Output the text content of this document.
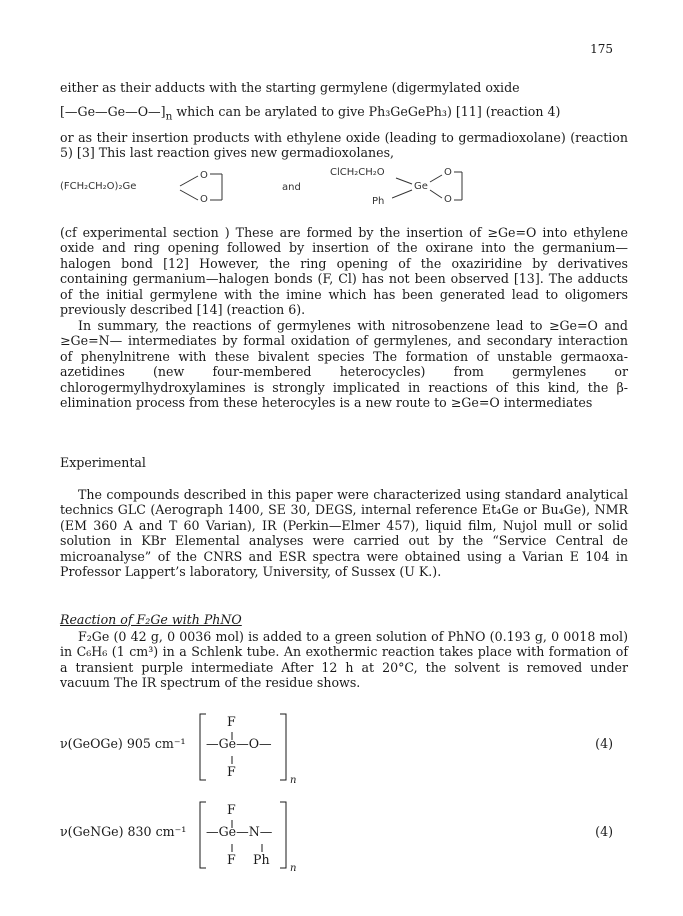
175

either as their adducts with the starting germylene (digermylated oxide

$[—Ge—Ge—O—]_n$ which can be arylated to give Ph₃GeGePh₃) [11] (reaction 4)

or as their insertion products with ethylene oxide (leading to germadioxolane) (reaction 5) [3] This last reaction gives new germadioxolanes,

(FCH₂CH₂O)₂Ge
O
O
and
ClCH₂CH₂O
Ge
Ph
O
O

(cf experimental section ) These are formed by the insertion of ≥Ge=O into ethylene oxide and ring opening followed by insertion of the oxirane into the germanium—halogen bond [12] However, the ring opening of the oxaziridine by derivatives containing germanium—halogen bonds (F, Cl) has not been observed [13]. The adducts of the initial germylene with the imine which has been generated lead to oligomers previously described [14] (reaction 6).

In summary, the reactions of germylenes with nitrosobenzene lead to ≥Ge=O and ≥Ge=N— intermediates by formal oxidation of germylenes, and secondary interaction of phenylnitrene with these bivalent species The formation of unstable germaoxa-azetidines (new four-membered heterocycles) from germylenes or chlorogermylhydroxylamines is strongly implicated in reactions of this kind, the β-elimination process from these heterocyles is a new route to ≥Ge=O intermediates

Experimental

The compounds described in this paper were characterized using standard analytical technics GLC (Aerograph 1400, SE 30, DEGS, internal reference Et₄Ge or Bu₄Ge), NMR (EM 360 A and T 60 Varian), IR (Perkin—Elmer 457), liquid film, Nujol mull or solid solution in KBr Elemental analyses were carried out by the “Service Central de microanalyse” of the CNRS and ESR spectra were obtained using a Varian E 104 in Professor Lappert’s laboratory, University, of Sussex (U K.).

Reaction of F₂Ge with PhNO

F₂Ge (0 42 g, 0 0036 mol) is added to a green solution of PhNO (0.193 g, 0 0018 mol) in C₆H₆ (1 cm³) in a Schlenk tube. An exothermic reaction takes place with formation of a transient purple intermediate After 12 h at 20°C, the solvent is removed under vacuum The IR spectrum of the residue shows.

ν(GeOGe) 905 cm⁻¹
F
—Ge—O—
F
n
(4)
ν(GeNGe) 830 cm⁻¹
F
—Ge—N—
F Ph
n
(4)
